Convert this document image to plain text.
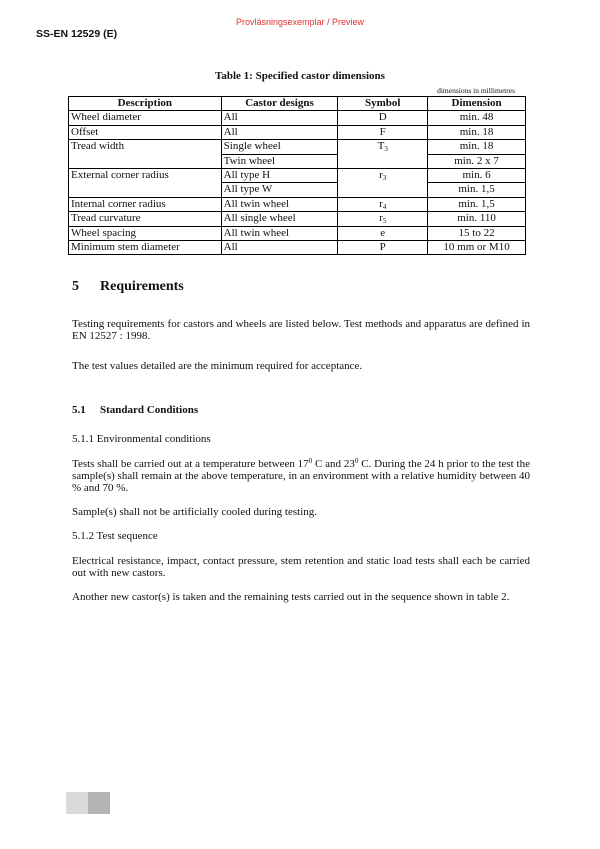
Provläsningsexemplar / Preview
SS-EN 12529 (E)
Table 1: Specified castor dimensions
dimensions in millimetres
Description	Castor designs	Symbol	Dimension
Wheel diameter	All	D	min. 48
Offset	All	F	min. 18
Tread width	Single wheel	$T_3$	min. 18
	Twin wheel		min. 2 x 7
External corner radius	All type H	$r_3$	min. 6
	All type W		min. 1,5
Internal corner radius	All twin wheel	$r_4$	min. 1,5
Tread curvature	All single wheel	$r_5$	min. 110
Wheel spacing	All twin wheel	e	15 to 22
Minimum stem diameter	All	P	10 mm or M10
5 Requirements
Testing requirements for castors and wheels are listed below. Test methods and apparatus are defined in EN 12527 : 1998.
The test values detailed are the minimum required for acceptance.
5.1 Standard Conditions
5.1.1 Environmental conditions
Tests shall be carried out at a temperature between $17^0$ C and $23^0$ C. During the 24 h prior to the test the sample(s) shall remain at the above temperature, in an environment with a relative humidity between 40 % and 70 %.
Sample(s) shall not be artificially cooled during testing.
5.1.2 Test sequence
Electrical resistance, impact, contact pressure, stem retention and static load tests shall each be carried out with new castors.
Another new castor(s) is taken and the remaining tests carried out in the sequence shown in table 2.
